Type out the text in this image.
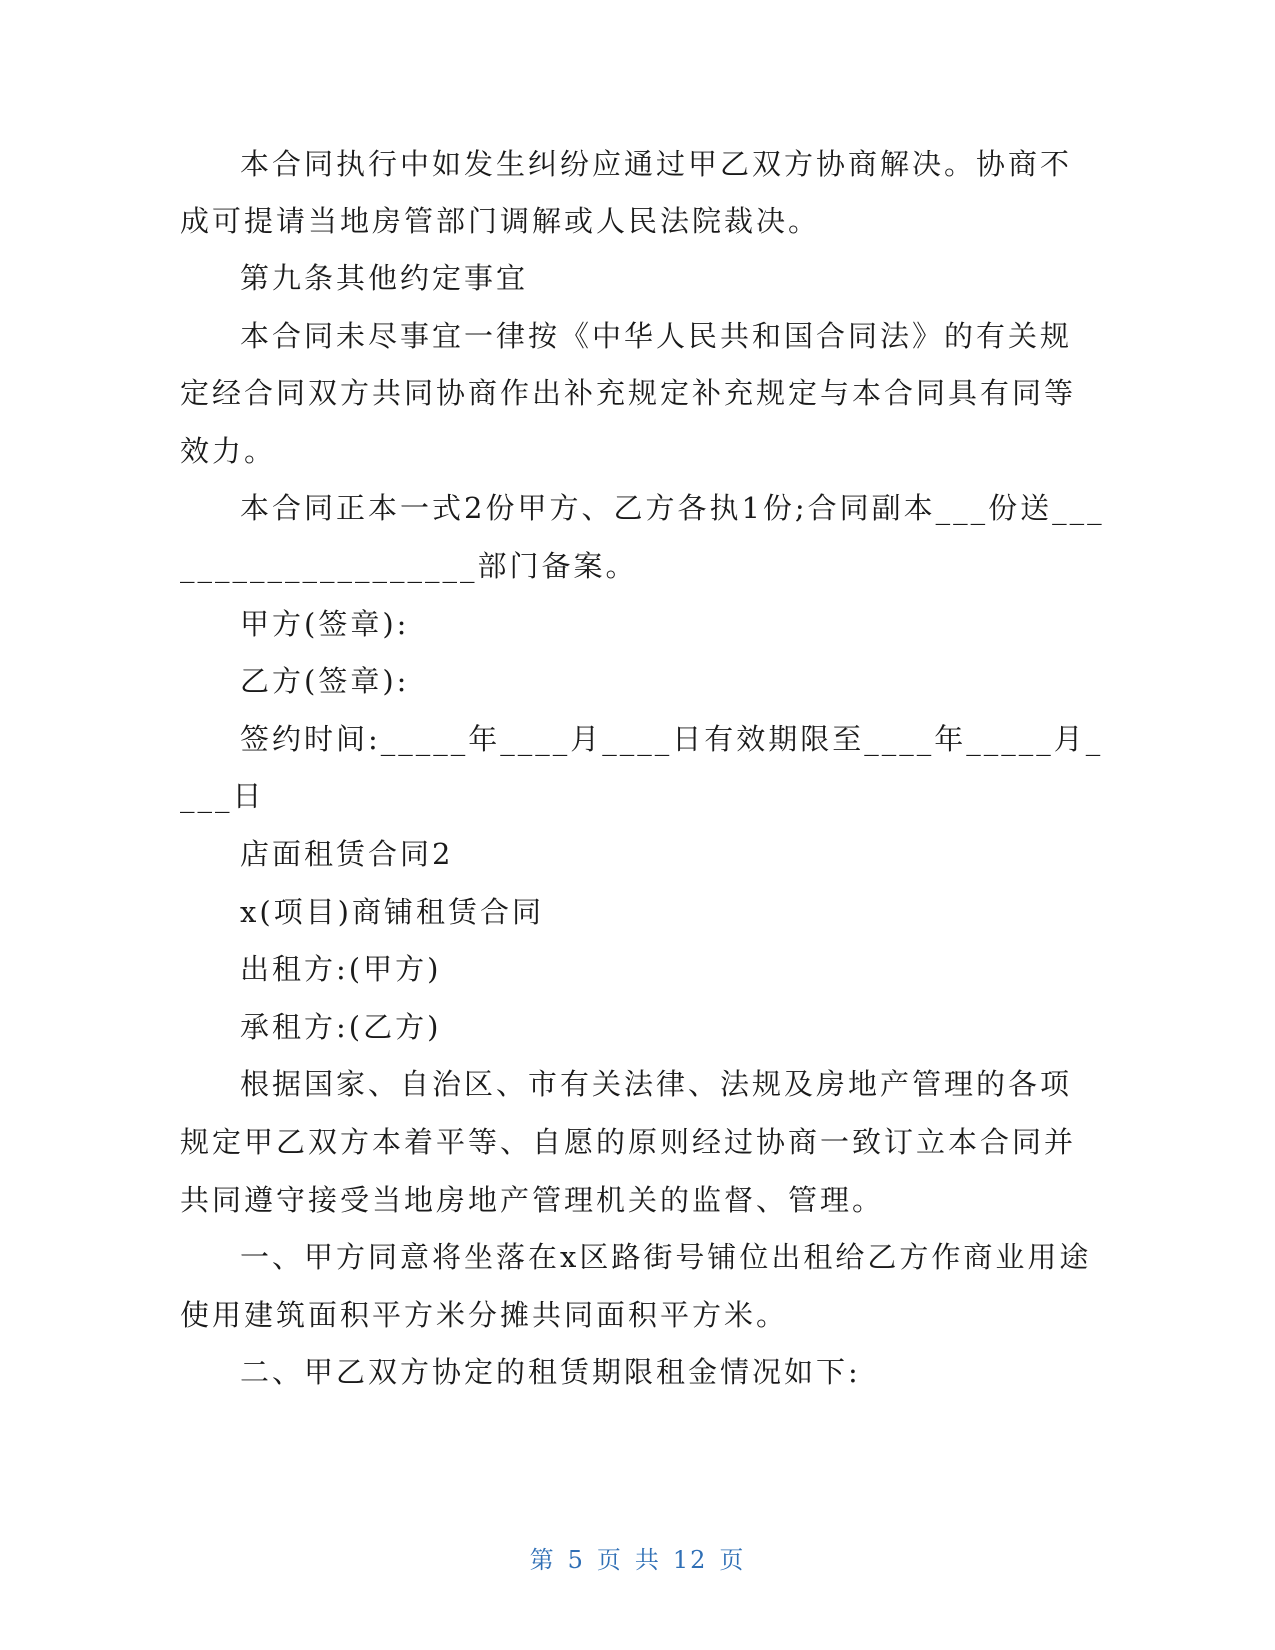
本合同执行中如发生纠纷应通过甲乙双方协商解决。协商不
成可提请当地房管部门调解或人民法院裁决。
第九条其他约定事宜
本合同未尽事宜一律按《中华人民共和国合同法》的有关规
定经合同双方共同协商作出补充规定补充规定与本合同具有同等
效力。
本合同正本一式2份甲方、乙方各执1份;合同副本___份送___
_________________部门备案。
甲方(签章):
乙方(签章):
签约时间:_____年____月____日有效期限至____年_____月_
___日
店面租赁合同2
x(项目)商铺租赁合同
出租方:(甲方)
承租方:(乙方)
根据国家、自治区、市有关法律、法规及房地产管理的各项
规定甲乙双方本着平等、自愿的原则经过协商一致订立本合同并
共同遵守接受当地房地产管理机关的监督、管理。
一、甲方同意将坐落在x区路街号铺位出租给乙方作商业用途
使用建筑面积平方米分摊共同面积平方米。
二、甲乙双方协定的租赁期限租金情况如下:
第 5 页 共 12 页
